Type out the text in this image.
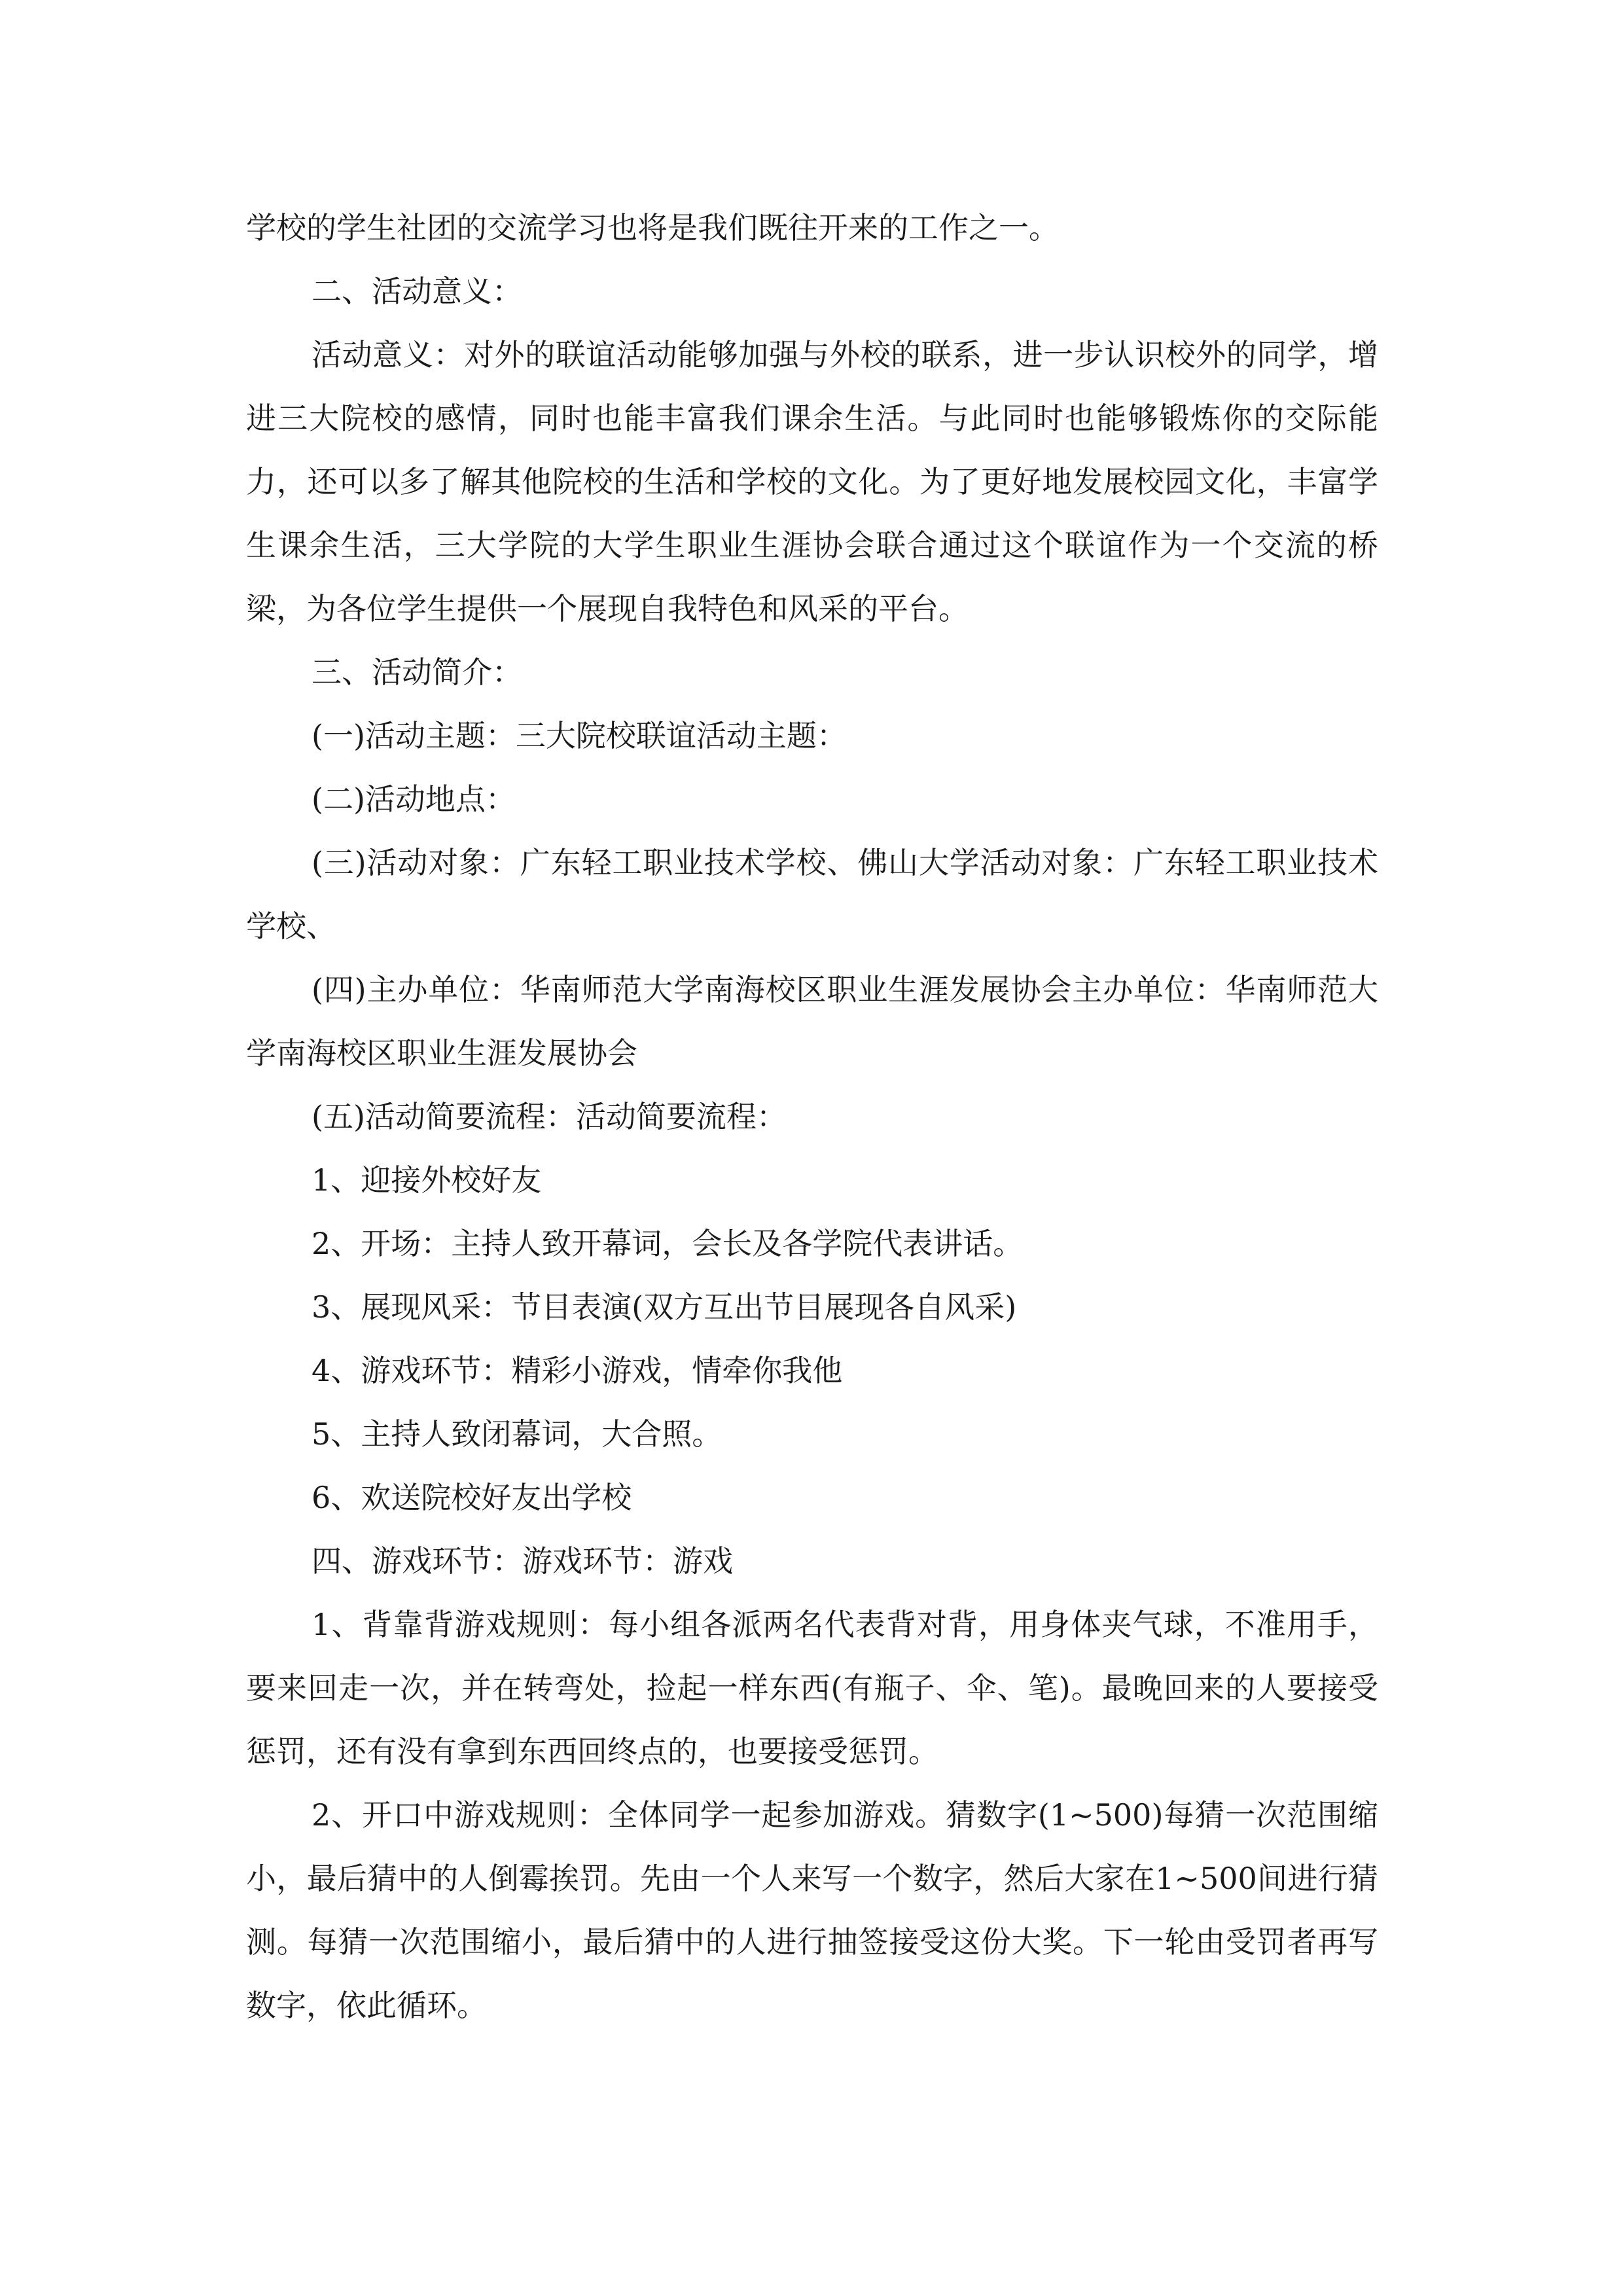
学校的学生社团的交流学习也将是我们既往开来的工作之一。

二、活动意义：

活动意义：对外的联谊活动能够加强与外校的联系，进一步认识校外的同学，增进三大院校的感情，同时也能丰富我们课余生活。与此同时也能够锻炼你的交际能力，还可以多了解其他院校的生活和学校的文化。为了更好地发展校园文化，丰富学生课余生活，三大学院的大学生职业生涯协会联合通过这个联谊作为一个交流的桥梁，为各位学生提供一个展现自我特色和风采的平台。

三、活动简介：

(一)活动主题：三大院校联谊活动主题：

(二)活动地点：

(三)活动对象：广东轻工职业技术学校、佛山大学活动对象：广东轻工职业技术学校、

(四)主办单位：华南师范大学南海校区职业生涯发展协会主办单位：华南师范大学南海校区职业生涯发展协会

(五)活动简要流程：活动简要流程：

1、迎接外校好友

2、开场：主持人致开幕词，会长及各学院代表讲话。

3、展现风采：节目表演(双方互出节目展现各自风采)

4、游戏环节：精彩小游戏，情牵你我他

5、主持人致闭幕词，大合照。

6、欢送院校好友出学校

四、游戏环节：游戏环节：游戏

1、背靠背游戏规则：每小组各派两名代表背对背，用身体夹气球，不准用手，要来回走一次，并在转弯处，捡起一样东西(有瓶子、伞、笔)。最晚回来的人要接受惩罚，还有没有拿到东西回终点的，也要接受惩罚。

2、开口中游戏规则：全体同学一起参加游戏。猜数字(1~500)每猜一次范围缩小，最后猜中的人倒霉挨罚。先由一个人来写一个数字，然后大家在1~500间进行猜测。每猜一次范围缩小，最后猜中的人进行抽签接受这份大奖。下一轮由受罚者再写数字，依此循环。
